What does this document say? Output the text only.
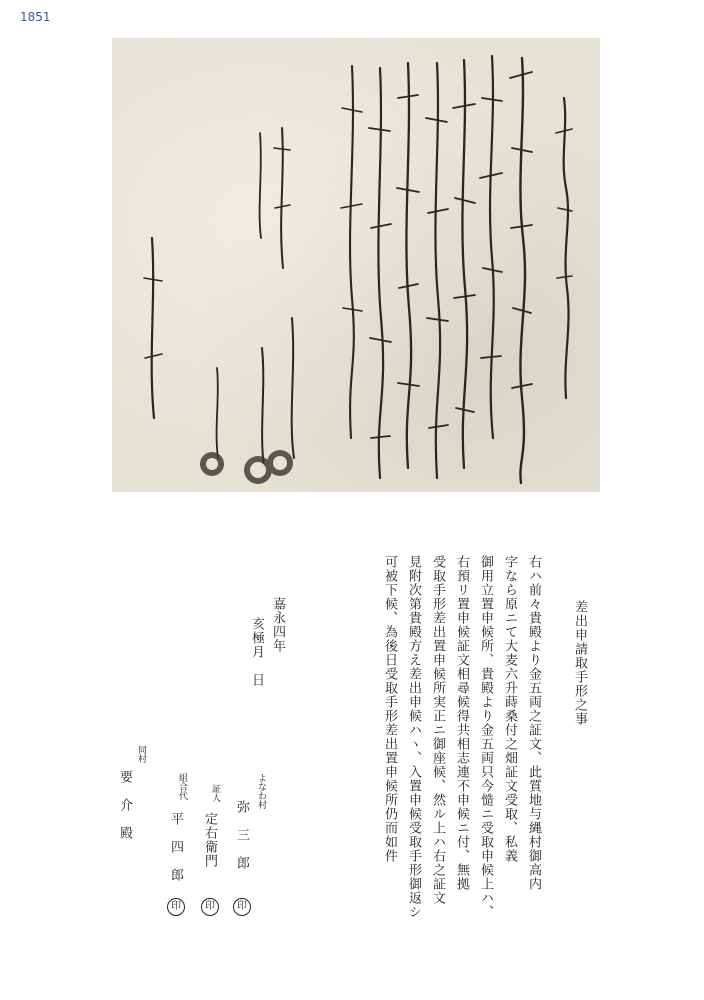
1851
差出申請取手形之事
右ハ前々貴殿より金五両之証文、此質地与縄村御高内
字なら原ニて大麦六升蒔桑付之畑証文受取、私義
御用立置申候所、貴殿より金五両只今慥ニ受取申候上ハ、
右預リ置申候証文相尋候得共相志連不申候ニ付、無拠
受取手形差出置申候所実正ニ御座候、然ル上ハ右之証文
見附次第貴殿方え差出申候ハヽ、入置申候受取手形御返シ
可被下候、為後日受取手形差出置申候所仍而如件
嘉永四年
亥極月　日
よなわ村
弥　三　郎
印
証人
定右衛門
印
組合代
平　四　郎
印
同村
要　介　殿
